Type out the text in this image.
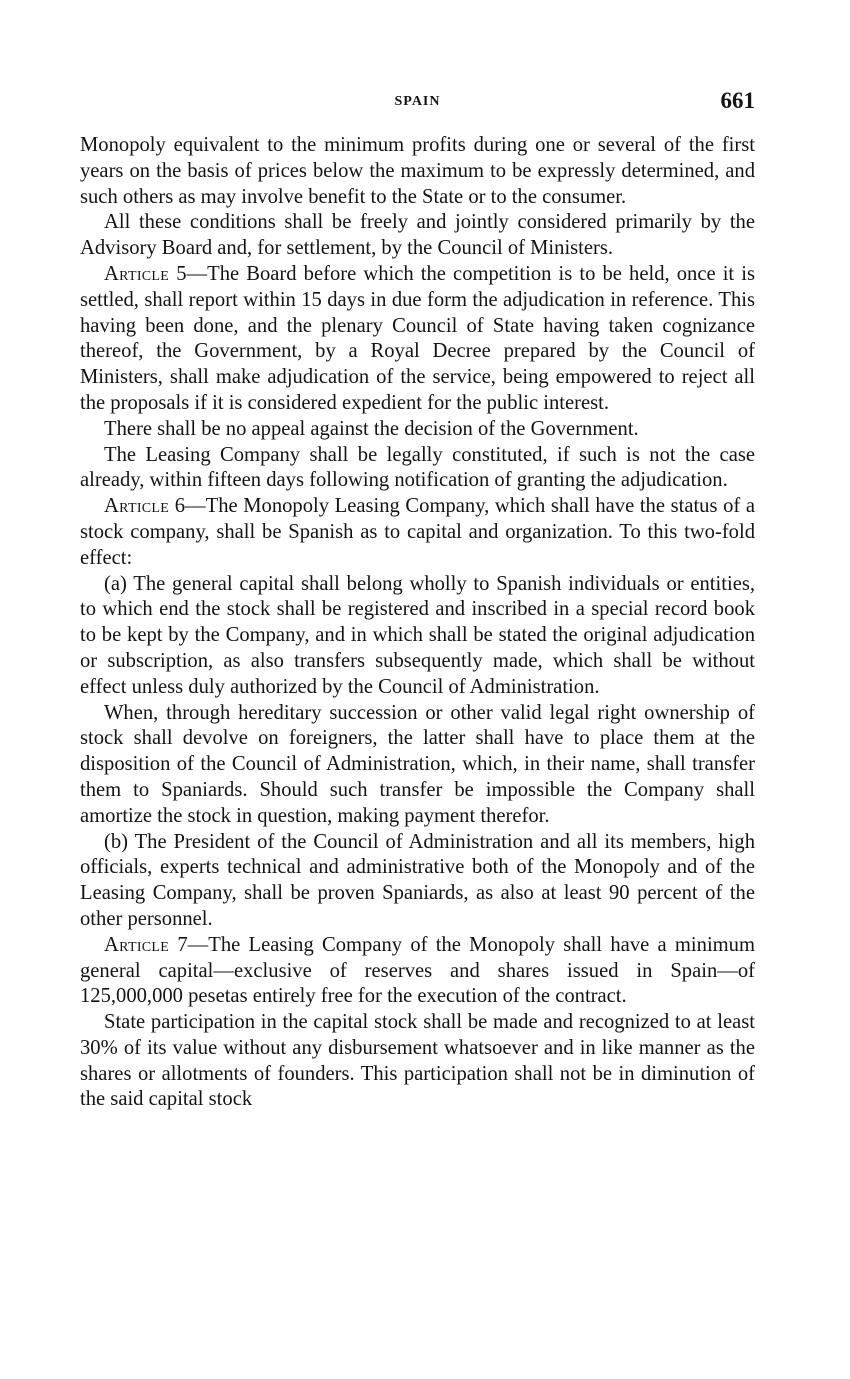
SPAIN	661

Monopoly equivalent to the minimum profits during one or several of the first years on the basis of prices below the maximum to be expressly determined, and such others as may involve benefit to the State or to the consumer.

All these conditions shall be freely and jointly considered primarily by the Advisory Board and, for settlement, by the Council of Ministers.

Article 5—The Board before which the competition is to be held, once it is settled, shall report within 15 days in due form the adjudication in reference. This having been done, and the plenary Council of State having taken cognizance thereof, the Government, by a Royal Decree prepared by the Council of Ministers, shall make adjudication of the service, being empowered to reject all the proposals if it is considered expedient for the public interest.

There shall be no appeal against the decision of the Government.

The Leasing Company shall be legally constituted, if such is not the case already, within fifteen days following notification of granting the adjudication.

Article 6—The Monopoly Leasing Company, which shall have the status of a stock company, shall be Spanish as to capital and organization. To this two-fold effect:

(a) The general capital shall belong wholly to Spanish individuals or entities, to which end the stock shall be registered and inscribed in a special record book to be kept by the Company, and in which shall be stated the original adjudication or subscription, as also transfers subsequently made, which shall be without effect unless duly authorized by the Council of Administration.

When, through hereditary succession or other valid legal right ownership of stock shall devolve on foreigners, the latter shall have to place them at the disposition of the Council of Administration, which, in their name, shall transfer them to Spaniards. Should such transfer be impossible the Company shall amortize the stock in question, making payment therefor.

(b) The President of the Council of Administration and all its members, high officials, experts technical and administrative both of the Monopoly and of the Leasing Company, shall be proven Spaniards, as also at least 90 percent of the other personnel.

Article 7—The Leasing Company of the Monopoly shall have a minimum general capital—exclusive of reserves and shares issued in Spain—of 125,000,000 pesetas entirely free for the execution of the contract.

State participation in the capital stock shall be made and recognized to at least 30% of its value without any disbursement whatsoever and in like manner as the shares or allotments of founders. This participation shall not be in diminution of the said capital stock
